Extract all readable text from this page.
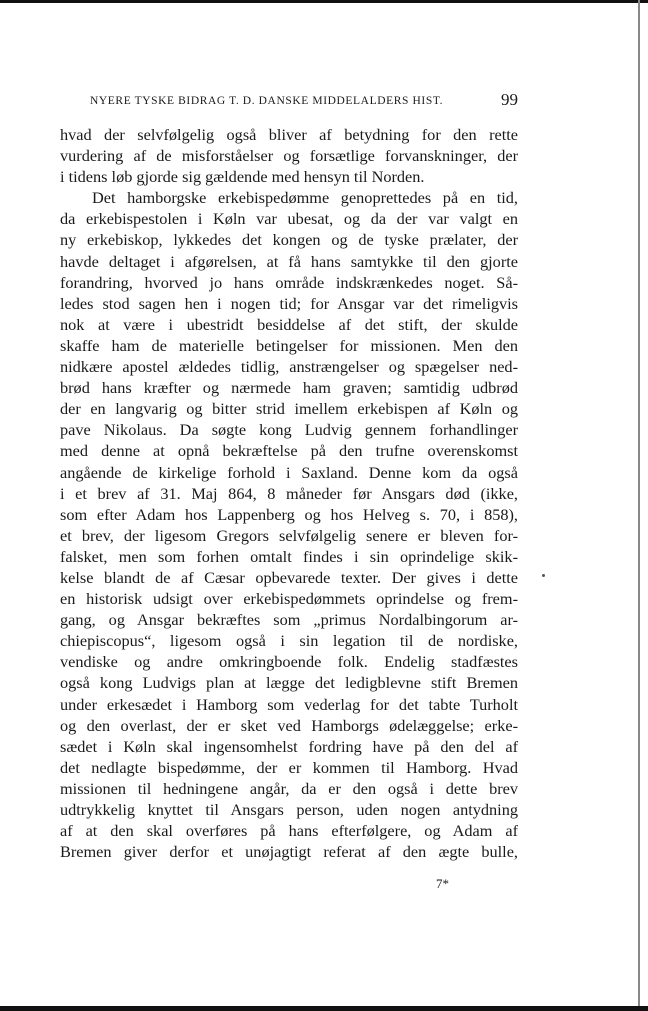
NYERE TYSKE BIDRAG T. D. DANSKE MIDDELALDERS HIST.	99
hvad der selvfølgelig også bliver af betydning for den rette
vurdering af de misforståelser og forsætlige forvanskninger, der
i tidens løb gjorde sig gældende med hensyn til Norden.
Det hamborgske erkebispedømme genoprettedes på en tid,
da erkebispestolen i Køln var ubesat, og da der var valgt en
ny erkebiskop, lykkedes det kongen og de tyske prælater, der
havde deltaget i afgørelsen, at få hans samtykke til den gjorte
forandring, hvorved jo hans område indskrænkedes noget. Så-
ledes stod sagen hen i nogen tid; for Ansgar var det rimeligvis
nok at være i ubestridt besiddelse af det stift, der skulde
skaffe ham de materielle betingelser for missionen. Men den
nidkære apostel ældedes tidlig, anstrængelser og spægelser ned-
brød hans kræfter og nærmede ham graven; samtidig udbrød
der en langvarig og bitter strid imellem erkebispen af Køln og
pave Nikolaus. Da søgte kong Ludvig gennem forhandlinger
med denne at opnå bekræftelse på den trufne overenskomst
angående de kirkelige forhold i Saxland. Denne kom da også
i et brev af 31. Maj 864, 8 måneder før Ansgars død (ikke,
som efter Adam hos Lappenberg og hos Helveg s. 70, i 858),
et brev, der ligesom Gregors selvfølgelig senere er bleven for-
falsket, men som forhen omtalt findes i sin oprindelige skik-
kelse blandt de af Cæsar opbevarede texter. Der gives i dette
en historisk udsigt over erkebispedømmets oprindelse og frem-
gang, og Ansgar bekræftes som „primus Nordalbingorum ar-
chiepiscopus“, ligesom også i sin legation til de nordiske,
vendiske og andre omkringboende folk. Endelig stadfæstes
også kong Ludvigs plan at lægge det ledigblevne stift Bremen
under erkesædet i Hamborg som vederlag for det tabte Turholt
og den overlast, der er sket ved Hamborgs ødelæggelse; erke-
sædet i Køln skal ingensomhelst fordring have på den del af
det nedlagte bispedømme, der er kommen til Hamborg. Hvad
missionen til hedningene angår, da er den også i dette brev
udtrykkelig knyttet til Ansgars person, uden nogen antydning
af at den skal overføres på hans efterfølgere, og Adam af
Bremen giver derfor et unøjagtigt referat af den ægte bulle,
7*
